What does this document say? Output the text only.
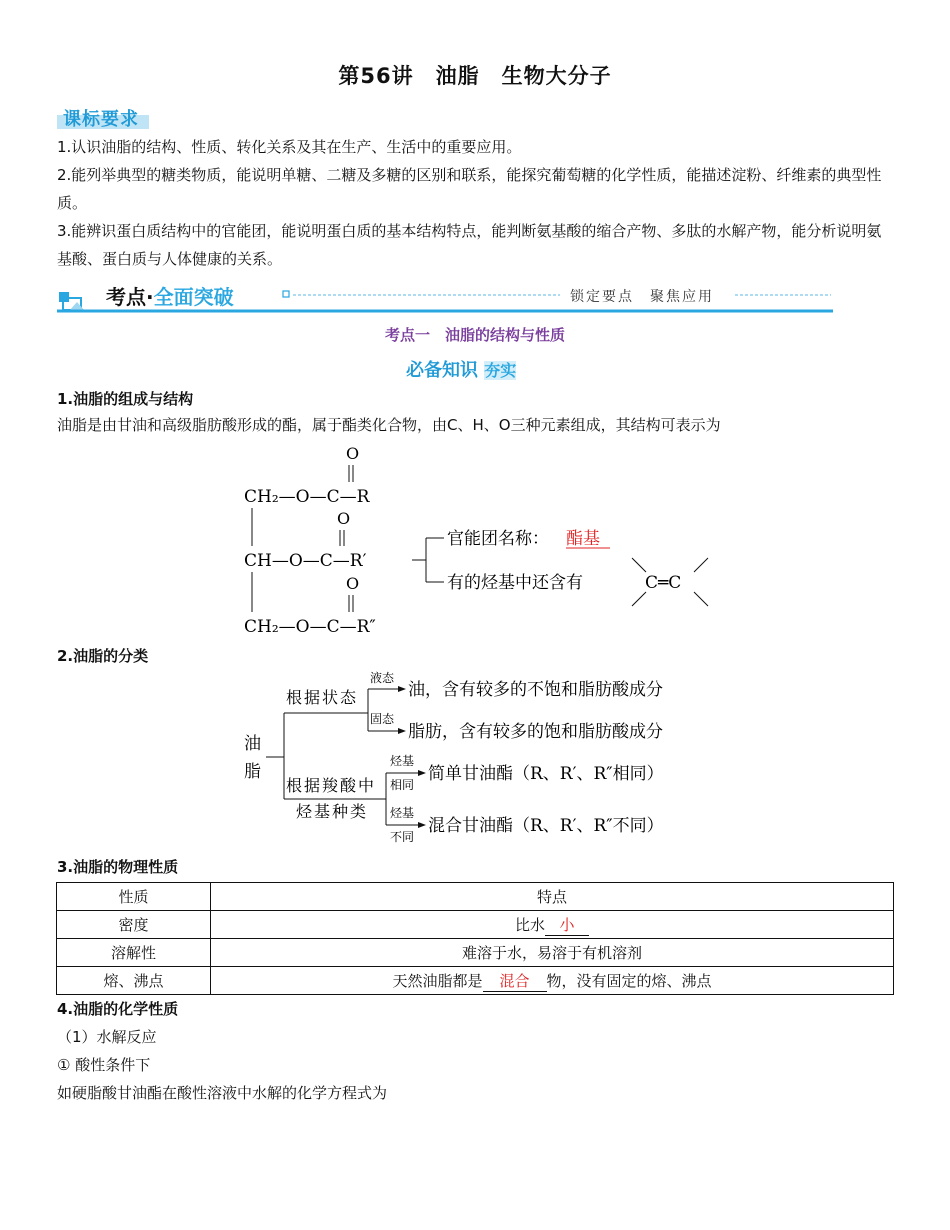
第56讲　油脂　生物大分子
课标要求
1.认识油脂的结构、性质、转化关系及其在生产、生活中的重要应用。
2.能列举典型的糖类物质，能说明单糖、二糖及多糖的区别和联系，能探究葡萄糖的化学性质，能描述淀粉、纤维素的典型性质。
3.能辨识蛋白质结构中的官能团，能说明蛋白质的基本结构特点，能判断氨基酸的缩合产物、多肽的水解产物，能分析说明氨基酸、蛋白质与人体健康的关系。
考点·全面突破	锁定要点　聚焦应用
考点一　油脂的结构与性质
必备知识 夯实
1.油脂的组成与结构
油脂是由甘油和高级脂肪酸形成的酯，属于酯类化合物，由C、H、O三种元素组成，其结构可表示为
O
CH₂—O—C—R
O
CH—O—C—R′
O
CH₂—O—C—R″
官能团名称： 酯基
有的烃基中还含有	C═C
2.油脂的分类
油
脂
根据状态
根据羧酸中
烃基种类
液态
固态
油，含有较多的不饱和脂肪酸成分
脂肪，含有较多的饱和脂肪酸成分
烃基
相同
烃基
不同
简单甘油酯（R、R′、R″相同）
混合甘油酯（R、R′、R″不同）
3.油脂的物理性质
性质	特点
密度	比水 小
溶解性	难溶于水，易溶于有机溶剂
熔、沸点	天然油脂都是 混合 物，没有固定的熔、沸点
4.油脂的化学性质
（1）水解反应
① 酸性条件下
如硬脂酸甘油酯在酸性溶液中水解的化学方程式为
